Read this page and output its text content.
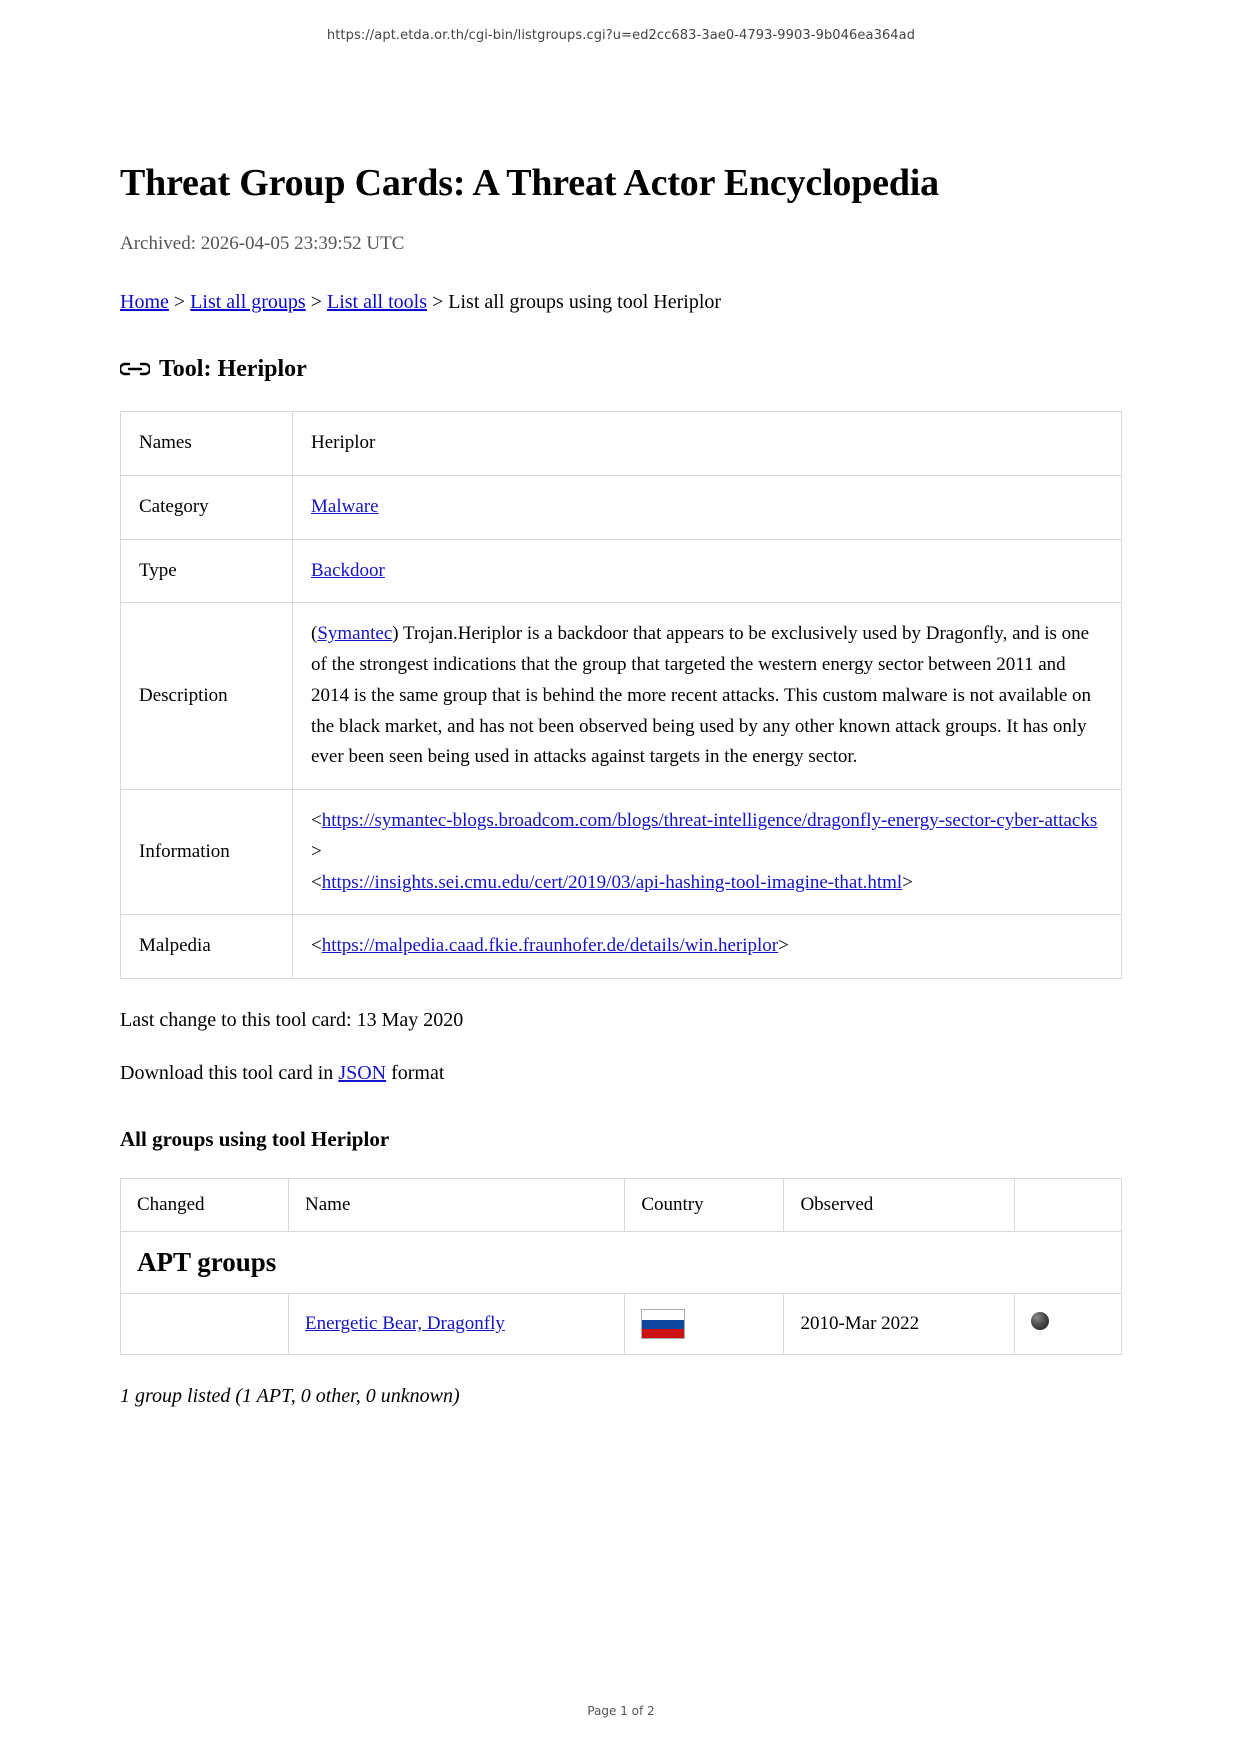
https://apt.etda.or.th/cgi-bin/listgroups.cgi?u=ed2cc683-3ae0-4793-9903-9b046ea364ad
Threat Group Cards: A Threat Actor Encyclopedia
Archived: 2026-04-05 23:39:52 UTC
Home > List all groups > List all tools > List all groups using tool Heriplor
Tool: Heriplor
Names	Heriplor
Category	Malware
Type	Backdoor
Description	(Symantec) Trojan.Heriplor is a backdoor that appears to be exclusively used by Dragonfly, and is one of the strongest indications that the group that targeted the western energy sector between 2011 and 2014 is the same group that is behind the more recent attacks. This custom malware is not available on the black market, and has not been observed being used by any other known attack groups. It has only ever been seen being used in attacks against targets in the energy sector.
Information	<https://symantec-blogs.broadcom.com/blogs/threat-intelligence/dragonfly-energy-sector-cyber-attacks>
<https://insights.sei.cmu.edu/cert/2019/03/api-hashing-tool-imagine-that.html>
Malpedia	<https://malpedia.caad.fkie.fraunhofer.de/details/win.heriplor>
Last change to this tool card: 13 May 2020
Download this tool card in JSON format
All groups using tool Heriplor
Changed	Name	Country	Observed	
APT groups				
	Energetic Bear, Dragonfly		2010-Mar 2022	
1 group listed (1 APT, 0 other, 0 unknown)
Page 1 of 2
